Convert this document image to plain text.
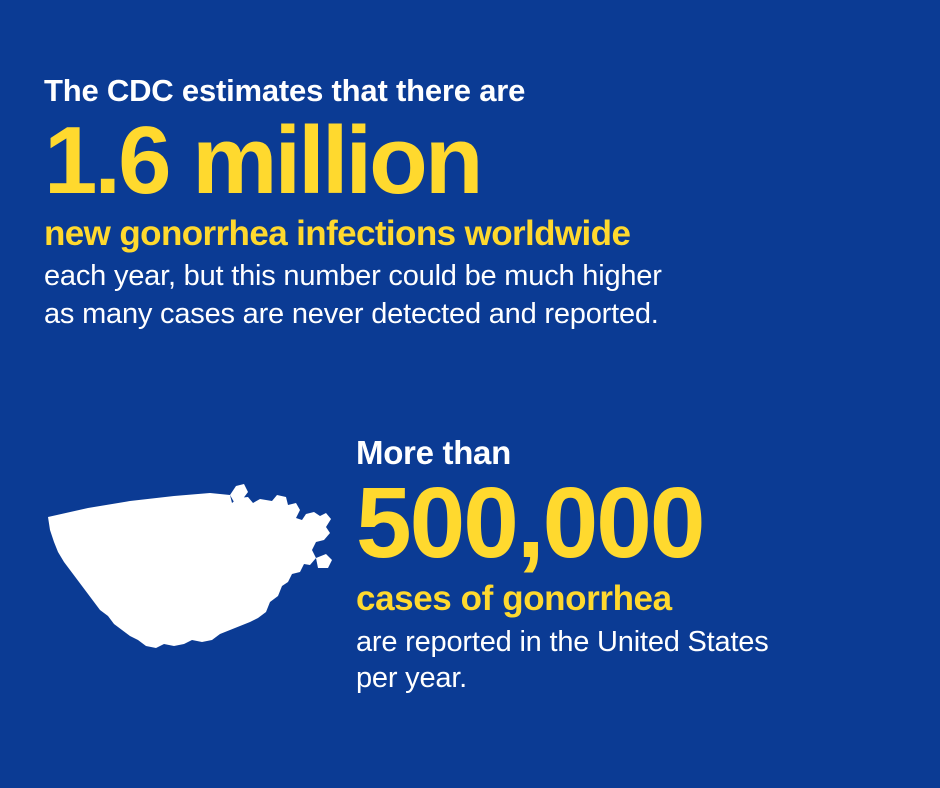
The CDC estimates that there are

1.6 million

new gonorrhea infections worldwide

each year, but this number could be much higher

as many cases are never detected and reported.

More than

500,000

cases of gonorrhea

are reported in the United States

per year.
